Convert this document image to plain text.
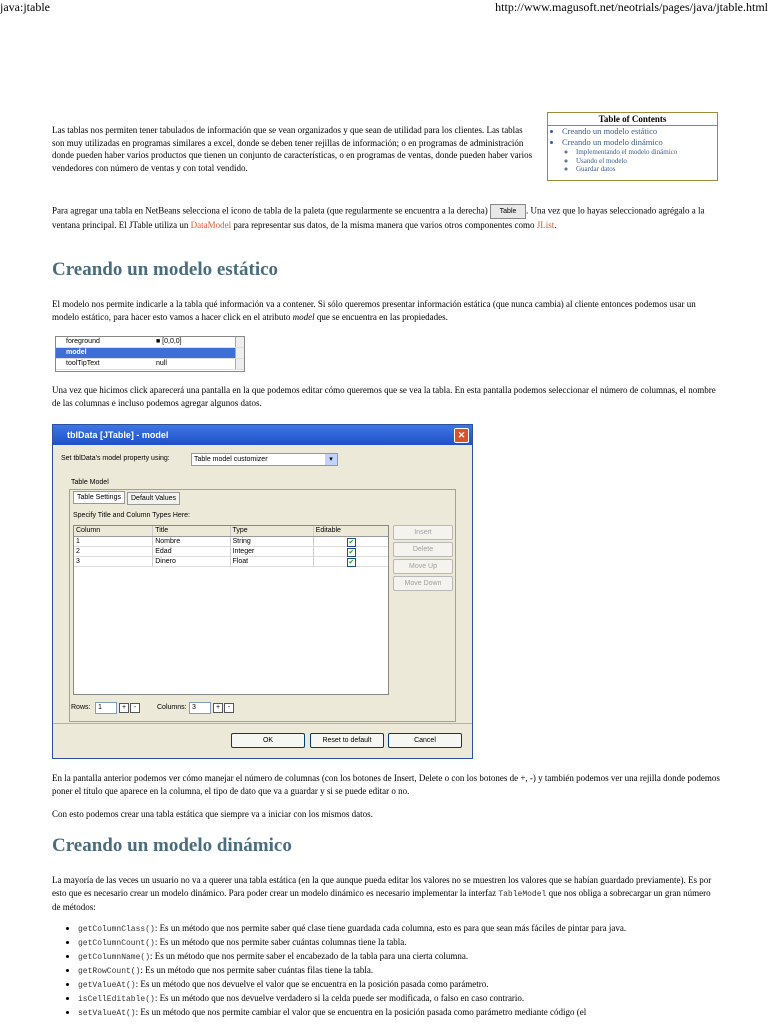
java:jtable	http://www.magusoft.net/neotrials/pages/java/jtable.html

Las tablas nos permiten tener tabulados de información que se vean organizados y que sean de utilidad para los clientes. Las tablas son muy utilizadas en programas similares a excel, donde se deben tener rejillas de información; o en programas de administración donde pueden haber varios productos que tienen un conjunto de características, o en programas de ventas, donde pueden haber varios vendedores con número de ventas y con total vendido.

Table of Contents
• Creando un modelo estático
• Creando un modelo dinámico
◦ Implementando el modelo dinámico
◦ Usando el modelo
◦ Guardar datos

Para agregar una tabla en NetBeans selecciona el icono de tabla de la paleta (que regularmente se encuentra a la derecha) Table . Una vez que lo hayas seleccionado agrégalo a la ventana principal. El JTable utiliza un DataModel para representar sus datos, de la misma manera que varios otros componentes como JList.

Creando un modelo estático

El modelo nos permite indicarle a la tabla qué información va a contener. Si sólo queremos presentar información estática (que nunca cambia) al cliente entonces podemos usar un modelo estático, para hacer esto vamos a hacer click en el atributo model que se encuentra en las propiedades.

foreground	■ [0,0,0]
model
toolTipText	null

Una vez que hicimos click aparecerá una pantalla en la que podemos editar cómo queremos que se vea la tabla. En esta pantalla podemos seleccionar el número de columnas, el nombre de las columnas e incluso podemos agregar algunos datos.

tblData [JTable] - model	✕
Set tblData's model property using:	Table model customizer	▾
Table Model
Table Settings	Default Values
Specify Title and Column Types Here:
Column	Title	Type	Editable
1	Nombre	String	✔
2	Edad	Integer	✔
3	Dinero	Float	✔
Insert
Delete
Move Up
Move Down
Rows:	1	+	-	Columns: 3	+	-
OK	Reset to default	Cancel

En la pantalla anterior podemos ver cómo manejar el número de columnas (con los botones de Insert, Delete o con los botones de +, -) y también podemos ver una rejilla donde podemos poner el título que aparece en la columna, el tipo de dato que va a guardar y si se puede editar o no.

Con esto podemos crear una tabla estática que siempre va a iniciar con los mismos datos.

Creando un modelo dinámico

La mayoría de las veces un usuario no va a querer una tabla estática (en la que aunque pueda editar los valores no se muestren los valores que se habían guardado previamente). Es por esto que es necesario crear un modelo dinámico. Para poder crear un modelo dinámico es necesario implementar la interfaz TableModel que nos obliga a sobrecargar un gran número de métodos:

• getColumnClass(): Es un método que nos permite saber qué clase tiene guardada cada columna, esto es para que sean más fáciles de pintar para java.
• getColumnCount(): Es un método que nos permite saber cuántas columnas tiene la tabla.
• getColumnName(): Es un método que nos permite saber el encabezado de la tabla para una cierta columna.
• getRowCount(): Es un método que nos permite saber cuántas filas tiene la tabla.
• getValueAt(): Es un método que nos devuelve el valor que se encuentra en la posición pasada como parámetro.
• isCellEditable(): Es un método que nos devuelve verdadero si la celda puede ser modificada, o falso en caso contrario.
• setValueAt(): Es un método que nos permite cambiar el valor que se encuentra en la posición pasada como parámetro mediante código (el
